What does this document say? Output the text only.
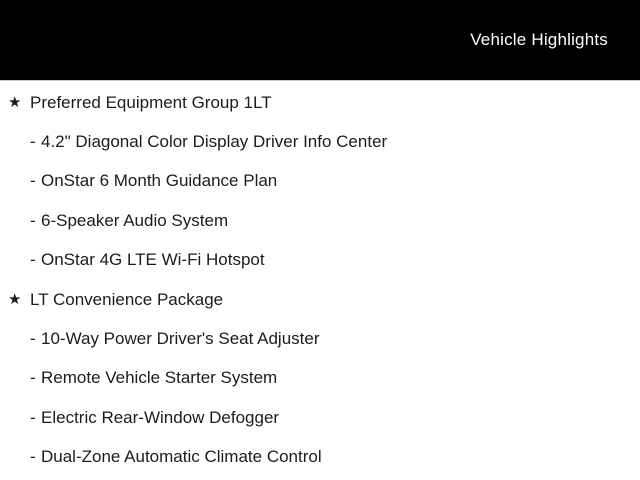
Vehicle Highlights
★ Preferred Equipment Group 1LT
- 4.2" Diagonal Color Display Driver Info Center
- OnStar 6 Month Guidance Plan
- 6-Speaker Audio System
- OnStar 4G LTE Wi-Fi Hotspot
★ LT Convenience Package
- 10-Way Power Driver's Seat Adjuster
- Remote Vehicle Starter System
- Electric Rear-Window Defogger
- Dual-Zone Automatic Climate Control
